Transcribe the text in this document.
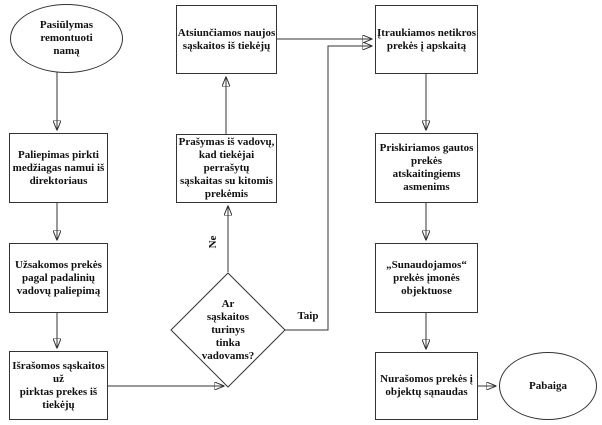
Pasiūlymas
remontuoti
namą
Paliepimas pirkti
medžiagas namui iš
direktoriaus
Užsakomos prekės
pagal padalinių
vadovų paliepimą
Išrašomos sąskaitos už
pirktas prekes iš
tiekėjų
Atsiunčiamos naujos
sąskaitos iš tiekėjų
Prašymas iš vadovų,
kad tiekėjai perrašytų
sąskaitas su kitomis
prekėmis
Ar
sąskaitos
turinys
tinka
vadovams?
Įtraukiamos netikros
prekės į apskaitą
Priskiriamos gautos
prekės atskaitingiems
asmenims
„Sunaudojamos“
prekės įmonės
objektuose
Nurašomos prekės į
objektų sąnaudas
Pabaiga
Ne
Taip
